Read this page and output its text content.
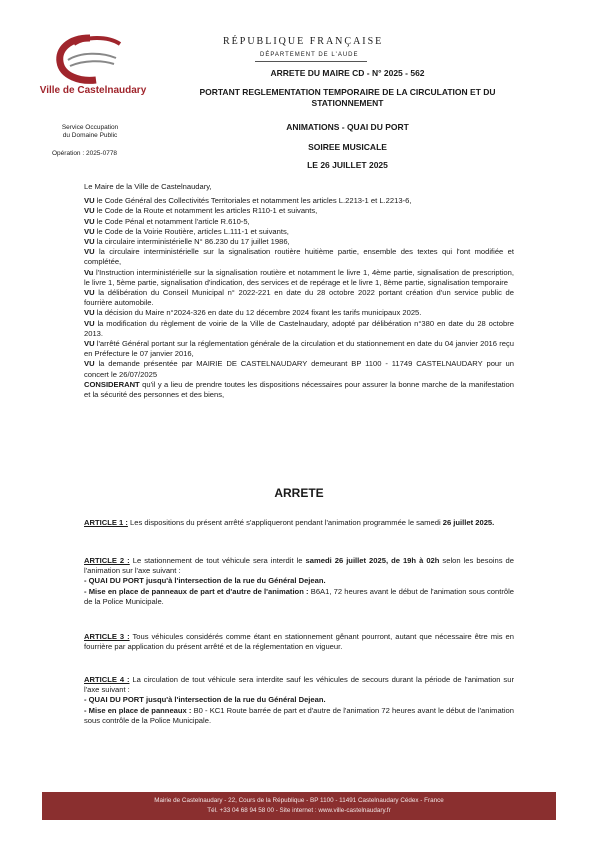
Ville de Castelnaudary
Service Occupation
du Domaine Public
Opération : 2025-0778
RÉPUBLIQUE FRANÇAISE
DÉPARTEMENT DE L'AUDE
ARRETE DU MAIRE CD - N° 2025 - 562
PORTANT REGLEMENTATION TEMPORAIRE DE LA CIRCULATION ET DU
STATIONNEMENT
ANIMATIONS - QUAI DU PORT
SOIREE MUSICALE
LE 26 JUILLET 2025

Le Maire de la Ville de Castelnaudary,

VU le Code Général des Collectivités Territoriales et notamment les articles L.2213-1 et L.2213-6,

VU le Code de la Route et notamment les articles R110-1 et suivants,

VU le Code Pénal et notamment l'article R.610-5,

VU le Code de la Voirie Routière, articles L.111-1 et suivants,

VU la circulaire interministérielle N° 86.230 du 17 juillet 1986,

VU la circulaire interministérielle sur la signalisation routière huitième partie, ensemble des textes qui l'ont modifiée et complétée,

Vu l'Instruction interministérielle sur la signalisation routière et notamment le livre 1, 4ème partie, signalisation de prescription, le livre 1, 5ème partie, signalisation d'indication, des services et de repérage et le livre 1, 8ème partie, signalisation temporaire

VU la délibération du Conseil Municipal n° 2022-221 en date du 28 octobre 2022 portant création d'un service public de fourrière automobile.

VU la décision du Maire n°2024-326 en date du 12 décembre 2024 fixant les tarifs municipaux 2025.

VU la modification du règlement de voirie de la Ville de Castelnaudary, adopté par délibération n°380 en date du 28 octobre 2013.

VU l'arrêté Général portant sur la réglementation générale de la circulation et du stationnement en date du 04 janvier 2016 reçu en Préfecture le 07 janvier 2016,

VU la demande présentée par MAIRIE DE CASTELNAUDARY demeurant BP 1100 - 11749 CASTELNAUDARY pour un concert le 26/07/2025

CONSIDERANT qu'il y a lieu de prendre toutes les dispositions nécessaires pour assurer la bonne marche de la manifestation et la sécurité des personnes et des biens,

ARRETE

ARTICLE 1 : Les dispositions du présent arrêté s'appliqueront pendant l'animation programmée le samedi 26 juillet 2025.

ARTICLE 2 : Le stationnement de tout véhicule sera interdit le samedi 26 juillet 2025, de 19h à 02h selon les besoins de l'animation sur l'axe suivant :

- QUAI DU PORT jusqu'à l'intersection de la rue du Général Dejean.

- Mise en place de panneaux de part et d'autre de l'animation : B6A1, 72 heures avant le début de l'animation sous contrôle de la Police Municipale.

ARTICLE 3 : Tous véhicules considérés comme étant en stationnement gênant pourront, autant que nécessaire être mis en fourrière par application du présent arrêté et de la réglementation en vigueur.

ARTICLE 4 : La circulation de tout véhicule sera interdite sauf les véhicules de secours durant la période de l'animation sur l'axe suivant :

- QUAI DU PORT jusqu'à l'intersection de la rue du Général Dejean.

- Mise en place de panneaux : B0 - KC1 Route barrée de part et d'autre de l'animation 72 heures avant le début de l'animation sous contrôle de la Police Municipale.

Mairie de Castelnaudary - 22, Cours de la République - BP 1100 - 11491 Castelnaudary Cédex - France
Tél. +33 04 68 94 58 00 - Site internet : www.ville-castelnaudary.fr
